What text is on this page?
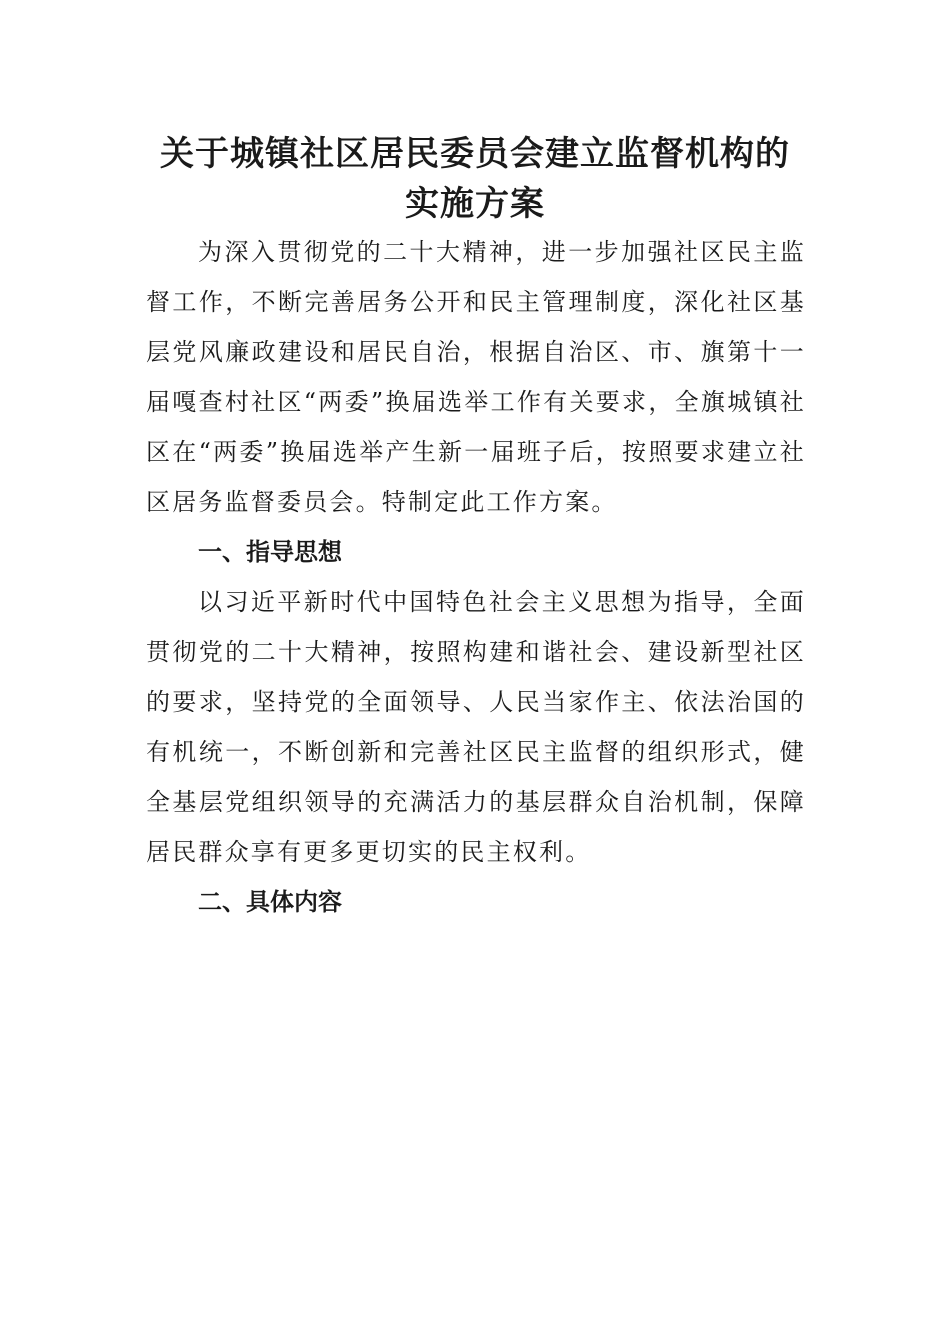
关于城镇社区居民委员会建立监督机构的
实施方案

为深入贯彻党的二十大精神，进一步加强社区民主监督工作，不断完善居务公开和民主管理制度，深化社区基层党风廉政建设和居民自治，根据自治区、市、旗第十一届嘎查村社区“两委”换届选举工作有关要求，全旗城镇社区在“两委”换届选举产生新一届班子后，按照要求建立社区居务监督委员会。特制定此工作方案。

一、指导思想

以习近平新时代中国特色社会主义思想为指导，全面贯彻党的二十大精神，按照构建和谐社会、建设新型社区的要求，坚持党的全面领导、人民当家作主、依法治国的有机统一，不断创新和完善社区民主监督的组织形式，健全基层党组织领导的充满活力的基层群众自治机制，保障居民群众享有更多更切实的民主权利。

二、具体内容
